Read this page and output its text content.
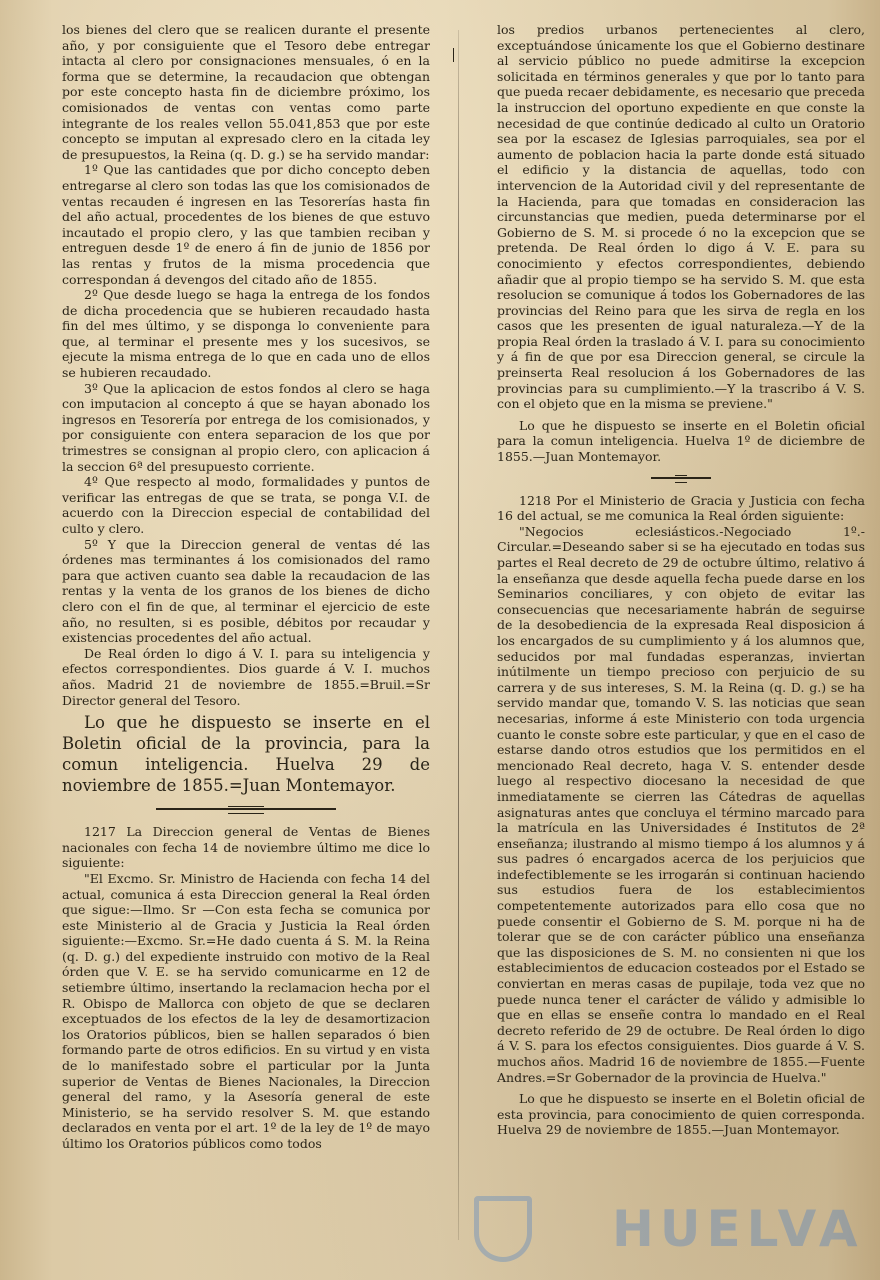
los bienes del clero que se realicen durante el presente año, y por consiguiente que el Tesoro debe entregar intacta al clero por consignaciones mensuales, ó en la forma que se determine, la recaudacion que obtengan por este concepto hasta fin de diciembre próximo, los comisionados de ventas con ventas como parte integrante de los reales vellon 55.041,853 que por este concepto se imputan al expresado clero en la citada ley de presupuestos, la Reina (q. D. g.) se ha servido mandar:

1º Que las cantidades que por dicho concepto deben entregarse al clero son todas las que los comisionados de ventas recauden é ingresen en las Tesorerías hasta fin del año actual, procedentes de los bienes de que estuvo incautado el propio clero, y las que tambien reciban y entreguen desde 1º de enero á fin de junio de 1856 por las rentas y frutos de la misma procedencia que correspondan á devengos del citado año de 1855.

2º Que desde luego se haga la entrega de los fondos de dicha procedencia que se hubieren recaudado hasta fin del mes último, y se disponga lo conveniente para que, al terminar el presente mes y los sucesivos, se ejecute la misma entrega de lo que en cada uno de ellos se hubieren recaudado.

3º Que la aplicacion de estos fondos al clero se haga con imputacion al concepto á que se hayan abonado los ingresos en Tesorería por entrega de los comisionados, y por consiguiente con entera separacion de los que por trimestres se consignan al propio clero, con aplicacion á la seccion 6ª del presupuesto corriente.

4º Que respecto al modo, formalidades y puntos de verificar las entregas de que se trata, se ponga V.I. de acuerdo con la Direccion especial de contabilidad del culto y clero.

5º Y que la Direccion general de ventas dé las órdenes mas terminantes á los comisionados del ramo para que activen cuanto sea dable la recaudacion de las rentas y la venta de los granos de los bienes de dicho clero con el fin de que, al terminar el ejercicio de este año, no resulten, si es posible, débitos por recaudar y existencias procedentes del año actual.

De Real órden lo digo á V. I. para su inteligencia y efectos correspondientes. Dios guarde á V. I. muchos años. Madrid 21 de noviembre de 1855.=Bruil.=Sr Director general del Tesoro.

Lo que he dispuesto se inserte en el Boletin oficial de la provincia, para la comun inteligencia. Huelva 29 de noviembre de 1855.=Juan Montemayor.

1217 La Direccion general de Ventas de Bienes nacionales con fecha 14 de noviembre último me dice lo siguiente:

"El Excmo. Sr. Ministro de Hacienda con fecha 14 del actual, comunica á esta Direccion general la Real órden que sigue:—Ilmo. Sr —Con esta fecha se comunica por este Ministerio al de Gracia y Justicia la Real órden siguiente:—Excmo. Sr.=He dado cuenta á S. M. la Reina (q. D. g.) del expediente instruido con motivo de la Real órden que V. E. se ha servido comunicarme en 12 de setiembre último, insertando la reclamacion hecha por el R. Obispo de Mallorca con objeto de que se declaren exceptuados de los efectos de la ley de desamortizacion los Oratorios públicos, bien se hallen separados ó bien formando parte de otros edificios. En su virtud y en vista de lo manifestado sobre el particular por la Junta superior de Ventas de Bienes Nacionales, la Direccion general del ramo, y la Asesoría general de este Ministerio, se ha servido resolver S. M. que estando declarados en venta por el art. 1º de la ley de 1º de mayo último los Oratorios públicos como todos

los predios urbanos pertenecientes al clero, exceptuándose únicamente los que el Gobierno destinare al servicio público no puede admitirse la excepcion solicitada en términos generales y que por lo tanto para que pueda recaer debidamente, es necesario que preceda la instruccion del oportuno expediente en que conste la necesidad de que continúe dedicado al culto un Oratorio sea por la escasez de Iglesias parroquiales, sea por el aumento de poblacion hacia la parte donde está situado el edificio y la distancia de aquellas, todo con intervencion de la Autoridad civil y del representante de la Hacienda, para que tomadas en consideracion las circunstancias que medien, pueda determinarse por el Gobierno de S. M. si procede ó no la excepcion que se pretenda. De Real órden lo digo á V. E. para su conocimiento y efectos correspondientes, debiendo añadir que al propio tiempo se ha servido S. M. que esta resolucion se comunique á todos los Gobernadores de las provincias del Reino para que les sirva de regla en los casos que les presenten de igual naturaleza.—Y de la propia Real órden la traslado á V. I. para su conocimiento y á fin de que por esa Direccion general, se circule la preinserta Real resolucion á los Gobernadores de las provincias para su cumplimiento.—Y la trascribo á V. S. con el objeto que en la misma se previene."

Lo que he dispuesto se inserte en el Boletin oficial para la comun inteligencia. Huelva 1º de diciembre de 1855.—Juan Montemayor.

1218 Por el Ministerio de Gracia y Justicia con fecha 16 del actual, se me comunica la Real órden siguiente:

"Negocios eclesiásticos.-Negociado 1º.-Circular.=Deseando saber si se ha ejecutado en todas sus partes el Real decreto de 29 de octubre último, relativo á la enseñanza que desde aquella fecha puede darse en los Seminarios conciliares, y con objeto de evitar las consecuencias que necesariamente habrán de seguirse de la desobediencia de la expresada Real disposicion á los encargados de su cumplimiento y á los alumnos que, seducidos por mal fundadas esperanzas, inviertan inútilmente un tiempo precioso con perjuicio de su carrera y de sus intereses, S. M. la Reina (q. D. g.) se ha servido mandar que, tomando V. S. las noticias que sean necesarias, informe á este Ministerio con toda urgencia cuanto le conste sobre este particular, y que en el caso de estarse dando otros estudios que los permitidos en el mencionado Real decreto, haga V. S. entender desde luego al respectivo diocesano la necesidad de que inmediatamente se cierren las Cátedras de aquellas asignaturas antes que concluya el término marcado para la matrícula en las Universidades é Institutos de 2ª enseñanza; ilustrando al mismo tiempo á los alumnos y á sus padres ó encargados acerca de los perjuicios que indefectiblemente se les irrogarán si continuan haciendo sus estudios fuera de los establecimientos competentemente autorizados para ello cosa que no puede consentir el Gobierno de S. M. porque ni ha de tolerar que se de con carácter público una enseñanza que las disposiciones de S. M. no consienten ni que los establecimientos de educacion costeados por el Estado se conviertan en meras casas de pupilaje, toda vez que no puede nunca tener el carácter de válido y admisible lo que en ellas se enseñe contra lo mandado en el Real decreto referido de 29 de octubre. De Real órden lo digo á V. S. para los efectos consiguientes. Dios guarde á V. S. muchos años. Madrid 16 de noviembre de 1855.—Fuente Andres.=Sr Gobernador de la provincia de Huelva."

Lo que he dispuesto se inserte en el Boletin oficial de esta provincia, para conocimiento de quien corresponda. Huelva 29 de noviembre de 1855.—Juan Montemayor.

HUELVA
